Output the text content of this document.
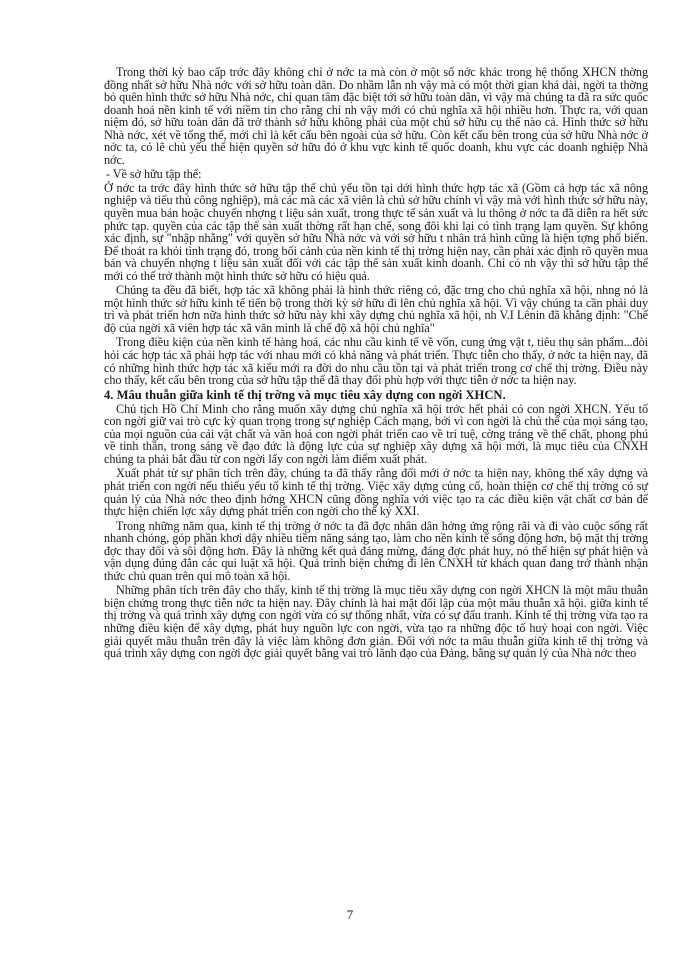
Trong thời kỳ bao cấp trớc đây không chỉ ở nớc ta mà còn ở một số nớc khác trong hệ thống XHCN thờng đồng nhất sở hữu Nhà nớc với sở hữu toàn dân. Do nhầm lẫn nh vậy mà có một thời gian khá dài, ngời ta thờng bỏ quên hình thức sở hữu Nhà nớc, chỉ quan tâm đặc biệt tới sở hữu toàn dân, vì vậy mà chúng ta đã ra sức quốc doanh hoá nền kinh tế với niềm tin cho rằng chỉ nh vậy mới có chủ nghĩa xã hội nhiều hơn. Thực ra, với quan niệm đó, sở hữu toàn dân đã trở thành sở hữu không phải của một chủ sở hữu cụ thể nào cả. Hình thức sở hữu Nhà nớc, xét về tổng thể, mới chỉ là kết cấu bên ngoài của sở hữu. Còn kết cấu bên trong của sở hữu Nhà nớc ở nớc ta, có lẽ chủ yếu thể hiện quyền sở hữu đó ở khu vực kinh tế quốc doanh, khu vực các doanh nghiệp Nhà nớc.

- Về sở hữu tập thể:

Ở nớc ta trớc đây hình thức sở hữu tập thể chủ yếu tồn tại dới hình thức hợp tác xã (Gồm cả hợp tác xã nông nghiệp và tiểu thủ công nghiệp), mà các mà các xã viên là chủ sở hữu chính vì vậy mà với hình thức sở hữu này, quyền mua bán hoặc chuyển nhợng t liệu sản xuất, trong thực tế sản xuất và lu thông ở nớc ta đã diễn ra hết sức phức tạp. quyền của các tập thể sản xuất thờng rất hạn chế, song đôi khi lại có tình trạng lạm quyền. Sự không xác định, sự "nhập nhằng" với quyền sở hữu Nhà nớc và với sở hữu t nhân trá hình cũng là hiện tợng phổ biến. Để thoát ra khỏi tình trạng đó, trong bối cảnh của nền kinh tế thị trờng hiện nay, cần phải xác định rõ quyền mua bán và chuyển nhợng t liệu sản xuất đối với các tập thể sản xuất kinh doanh. Chỉ có nh vậy thì sở hữu tập thể mới có thể trở thành một hình thức sở hữu có hiệu quả.

Chúng ta đều đã biết, hợp tác xã không phải là hình thức riêng có, đặc trng cho chủ nghĩa xã hội, nhng nó là một hình thức sở hữu kinh tế tiến bộ trong thời kỳ sở hữu đi lên chủ nghĩa xã hội. Vì vậy chúng ta cần phải duy trì và phát triển hơn nữa hình thức sở hữu này khi xây dựng chủ nghĩa xã hội, nh V.I Lênin đã khẳng định: "Chế độ của ngời xã viên hợp tác xã văn minh là chế độ xã hội chủ nghĩa"

Trong điều kiện của nền kinh tế hàng hoá, các nhu cầu kinh tế về vốn, cung ứng vật t, tiêu thụ sản phẩm...đòi hỏi các hợp tác xã phải hợp tác với nhau mới có khả năng và phát triển. Thực tiễn cho thấy, ở nớc ta hiện nay, đã có những hình thức hợp tác xã kiểu mới ra đời do nhu cầu tồn tại và phát triển trong cơ chế thị trờng. Điều này cho thấy, kết cấu bên trong của sở hữu tập thể đã thay đổi phù hợp với thực tiễn ở nớc ta hiện nay.

4. Mâu thuẫn giữa kinh tế thị trờng và mục tiêu xây dựng con ngời XHCN.

Chủ tịch Hồ Chí Minh cho rằng muốn xây dựng chủ nghĩa xã hội trớc hết phải có con ngời XHCN. Yếu tố con ngời giữ vai trò cực kỳ quan trọng trong sự nghiệp Cách mạng, bởi vì con ngời là chủ thể của mọi sáng tạo, của mọi nguồn của cải vật chất và văn hoá con ngời phát triển cao về trí tuệ, cờng tráng về thể chất, phong phú về tinh thần, trong sáng về đạo đức là động lực của sự nghiệp xây dựng xã hội mới, là mục tiêu của CNXH chúng ta phải bắt đầu từ con ngời lấy con ngời làm điểm xuất phát.

Xuất phát từ sự phân tích trên đây, chúng ta đã thấy rằng đổi mới ở nớc ta hiện nay, không thể xây dựng và phát triển con ngời nếu thiếu yếu tố kinh tế thị trờng. Việc xây dựng củng cố, hoàn thiện cơ chế thị trờng có sự quản lý của Nhà nớc theo định hớng XHCN cũng đồng nghĩa với việc tạo ra các điều kiện vật chất cơ bản để thực hiện chiến lợc xây dựng phát triển con ngời cho thế kỷ XXI.

Trong những năm qua, kinh tế thị trờng ở nớc ta đã đợc nhân dân hởng ứng rộng rãi và đi vào cuộc sống rất nhanh chóng, góp phần khơi dậy nhiều tiềm năng sáng tạo, làm cho nền kinh tế sống động hơn, bộ mặt thị trờng đợc thay đổi và sôi động hơn. Đây là những kết quả đáng mừng, đáng đợc phát huy, nó thể hiện sự phát hiện và vận dụng đúng đắn các qui luật xã hội. Quá trình biện chứng đi lên CNXH từ khách quan đang trở thành nhận thức chủ quan trên qui mô toàn xã hội.

Những phân tích trên đây cho thấy, kinh tế thị trờng là mục tiêu xây dựng con ngời XHCN là một mâu thuẫn biện chứng trong thực tiễn nớc ta hiện nay. Đây chính là hai mặt đối lập của một mâu thuẫn xã hội. giữa kinh tế thị trờng và quá trình xây dựng con ngời vừa có sự thống nhất, vừa có sự đấu tranh. Kinh tế thị trờng vừa tạo ra những điều kiện để xây dựng, phát huy nguồn lực con ngời, vừa tạo ra những độc tố huỷ hoại con ngời. Việc giải quyết mâu thuẫn trên đây là việc làm không đơn giản. Đối với nớc ta mâu thuẫn giữa kinh tế thị trờng và quá trình xây dựng con ngời đợc giải quyết bằng vai trò lãnh đạo của Đảng, bằng sự quản lý của Nhà nớc theo

7
